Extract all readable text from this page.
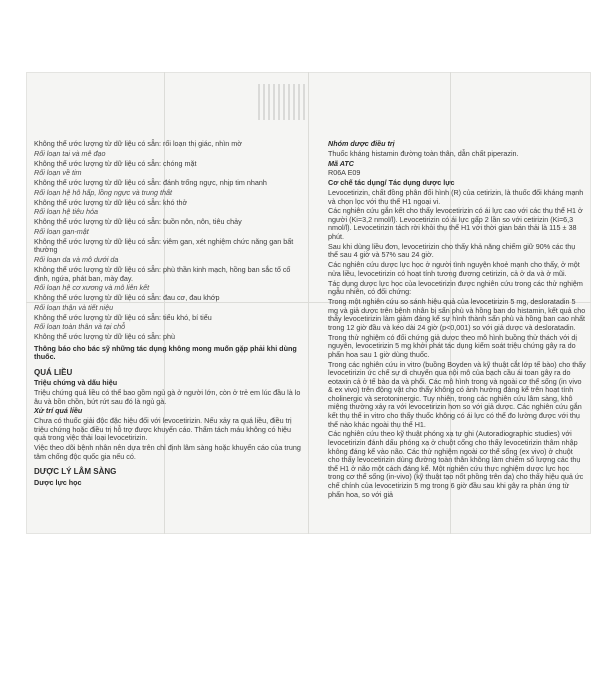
Không thể ước lượng từ dữ liệu có sẵn: rối loạn thị giác, nhìn mờ

Rối loạn tai và mê đạo

Không thể ước lượng từ dữ liệu có sẵn: chóng mặt

Rối loạn về tim

Không thể ước lượng từ dữ liệu có sẵn: đánh trống ngực, nhịp tim nhanh

Rối loạn hệ hô hấp, lồng ngực và trung thất

Không thể ước lượng từ dữ liệu có sẵn: khó thở

Rối loạn hệ tiêu hóa

Không thể ước lượng từ dữ liệu có sẵn: buồn nôn, nôn, tiêu chảy

Rối loạn gan-mật

Không thể ước lượng từ dữ liệu có sẵn: viêm gan, xét nghiệm chức năng gan bất thường

Rối loạn da và mô dưới da

Không thể ước lượng từ dữ liệu có sẵn: phù thần kinh mạch, hồng ban sắc tố cố định, ngứa, phát ban, mày đay.

Rối loạn hệ cơ xương và mô liên kết

Không thể ước lượng từ dữ liệu có sẵn: đau cơ, đau khớp

Rối loạn thận và tiết niệu

Không thể ước lượng từ dữ liệu có sẵn: tiểu khó, bí tiểu

Rối loạn toàn thân và tại chỗ

Không thể ước lượng từ dữ liệu có sẵn: phù

Thông báo cho bác sỹ những tác dụng không mong muốn gặp phải khi dùng thuốc.

QUÁ LIỀU

Triệu chứng và dấu hiệu

Triệu chứng quá liều có thể bao gồm ngủ gà ở người lớn, còn ở trẻ em lúc đầu là lo âu và bồn chồn, bứt rứt sau đó là ngủ gà.

Xử trí quá liều

Chưa có thuốc giải độc đặc hiệu đối với levocetirizin. Nếu xảy ra quá liều, điều trị triệu chứng hoặc điều trị hỗ trợ được khuyến cáo. Thẩm tách máu không có hiệu quả trong việc thải loại levocetirizin.

Việc theo dõi bệnh nhân nên dựa trên chỉ định lâm sàng hoặc khuyến cáo của trung tâm chống độc quốc gia nếu có.

DƯỢC LÝ LÂM SÀNG

Dược lực học

Nhóm dược điều trị

Thuốc kháng histamin đường toàn thân, dẫn chất piperazin.

Mã ATC

R06A E09

Cơ chế tác dụng/ Tác dụng dược lực

Levocetirizin, chất đồng phân đối hình (R) của cetirizin, là thuốc đối kháng mạnh và chọn lọc với thụ thể H1 ngoại vi.

Các nghiên cứu gắn kết cho thấy levocetirizin có ái lực cao với các thụ thể H1 ở người (Ki=3,2 nmol/l). Levocetirizin có ái lực gấp 2 lần so với cetirizin (Ki=6,3 nmol/l). Levocetirizin tách rời khỏi thụ thể H1 với thời gian bán thải là 115 ± 38 phút.

Sau khi dùng liều đơn, levocetirizin cho thấy khả năng chiếm giữ 90% các thụ thể sau 4 giờ và 57% sau 24 giờ.

Các nghiên cứu dược lực học ở người tình nguyện khoẻ mạnh cho thấy, ở một nửa liều, levocetirizin có hoạt tính tương đương cetirizin, cả ở da và ở mũi.

Tác dụng dược lực học của levocetirizin được nghiên cứu trong các thử nghiệm ngẫu nhiên, có đối chứng:

Trong một nghiên cứu so sánh hiệu quả của levocetirizin 5 mg, desloratadin 5 mg và giả dược trên bệnh nhân bị sẩn phù và hồng ban do histamin, kết quả cho thấy levocetirizin làm giảm đáng kể sự hình thành sẩn phù và hồng ban cao nhất trong 12 giờ đầu và kéo dài 24 giờ (p<0,001) so với giả dược và desloratadin.

Trong thử nghiệm có đối chứng giả dược theo mô hình buồng thử thách với dị nguyên, levocetirizin 5 mg khởi phát tác dụng kiểm soát triệu chứng gây ra do phấn hoa sau 1 giờ dùng thuốc.

Trong các nghiên cứu in vitro (buồng Boyden và kỹ thuật cắt lớp tế bào) cho thấy levocetirizin ức chế sự di chuyển qua nội mô của bạch cầu ái toan gây ra do eotaxin cả ở tế bào da và phổi. Các mô hình trong và ngoài cơ thể sống (in vivo & ex vivo) trên động vật cho thấy không có ảnh hưởng đáng kể trên hoạt tính cholinergic và serotoninergic. Tuy nhiên, trong các nghiên cứu lâm sàng, khô miệng thường xảy ra với levocetirizin hơn so với giả dược. Các nghiên cứu gắn kết thụ thể in vitro cho thấy thuốc không có ái lực có thể đo lường được với thụ thể nào khác ngoài thụ thể H1.

Các nghiên cứu theo kỹ thuật phóng xạ tự ghi (Autoradiographic studies) với levocetirizin đánh dấu phóng xạ ở chuột cống cho thấy levocetirizin thâm nhập không đáng kể vào não. Các thử nghiệm ngoài cơ thể sống (ex vivo) ở chuột cho thấy levocetirizin dùng đường toàn thân không làm chiếm số lượng các thụ thể H1 ở não một cách đáng kể. Một nghiên cứu thực nghiệm dược lực học trong cơ thể sống (in-vivo) (kỹ thuật tạo nốt phồng trên da) cho thấy hiệu quả ức chế chính của levocetirizin 5 mg trong 6 giờ đầu sau khi gây ra phản ứng từ phấn hoa, so với giả
